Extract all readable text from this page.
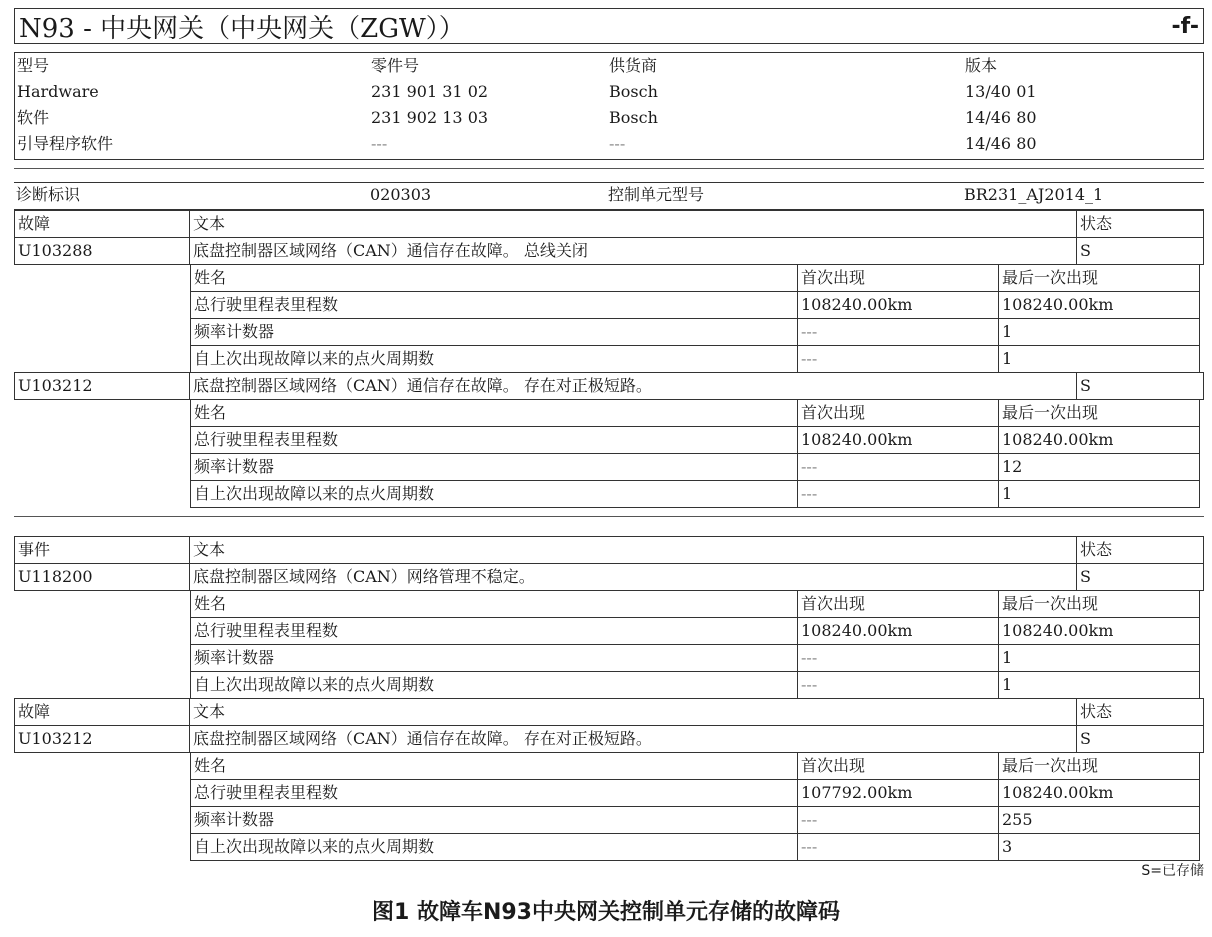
N93 - 中央网关（中央网关（ZGW））	-f-
型号	零件号	供货商	版本
Hardware	231 901 31 02	Bosch	13/40 01
软件	231 902 13 03	Bosch	14/46 80
引导程序软件	---	---	14/46 80
诊断标识	020303	控制单元型号	BR231_AJ2014_1
故障	文本	状态
U103288	底盘控制器区域网络（CAN）通信存在故障。 总线关闭	S
姓名	首次出现	最后一次出现
总行驶里程表里程数	108240.00km	108240.00km
频率计数器	---	1
自上次出现故障以来的点火周期数	---	1
U103212	底盘控制器区域网络（CAN）通信存在故障。 存在对正极短路。	S
姓名	首次出现	最后一次出现
总行驶里程表里程数	108240.00km	108240.00km
频率计数器	---	12
自上次出现故障以来的点火周期数	---	1
事件	文本	状态
U118200	底盘控制器区域网络（CAN）网络管理不稳定。	S
姓名	首次出现	最后一次出现
总行驶里程表里程数	108240.00km	108240.00km
频率计数器	---	1
自上次出现故障以来的点火周期数	---	1
故障	文本	状态
U103212	底盘控制器区域网络（CAN）通信存在故障。 存在对正极短路。	S
姓名	首次出现	最后一次出现
总行驶里程表里程数	107792.00km	108240.00km
频率计数器	---	255
自上次出现故障以来的点火周期数	---	3
S=已存储
图1 故障车N93中央网关控制单元存储的故障码
